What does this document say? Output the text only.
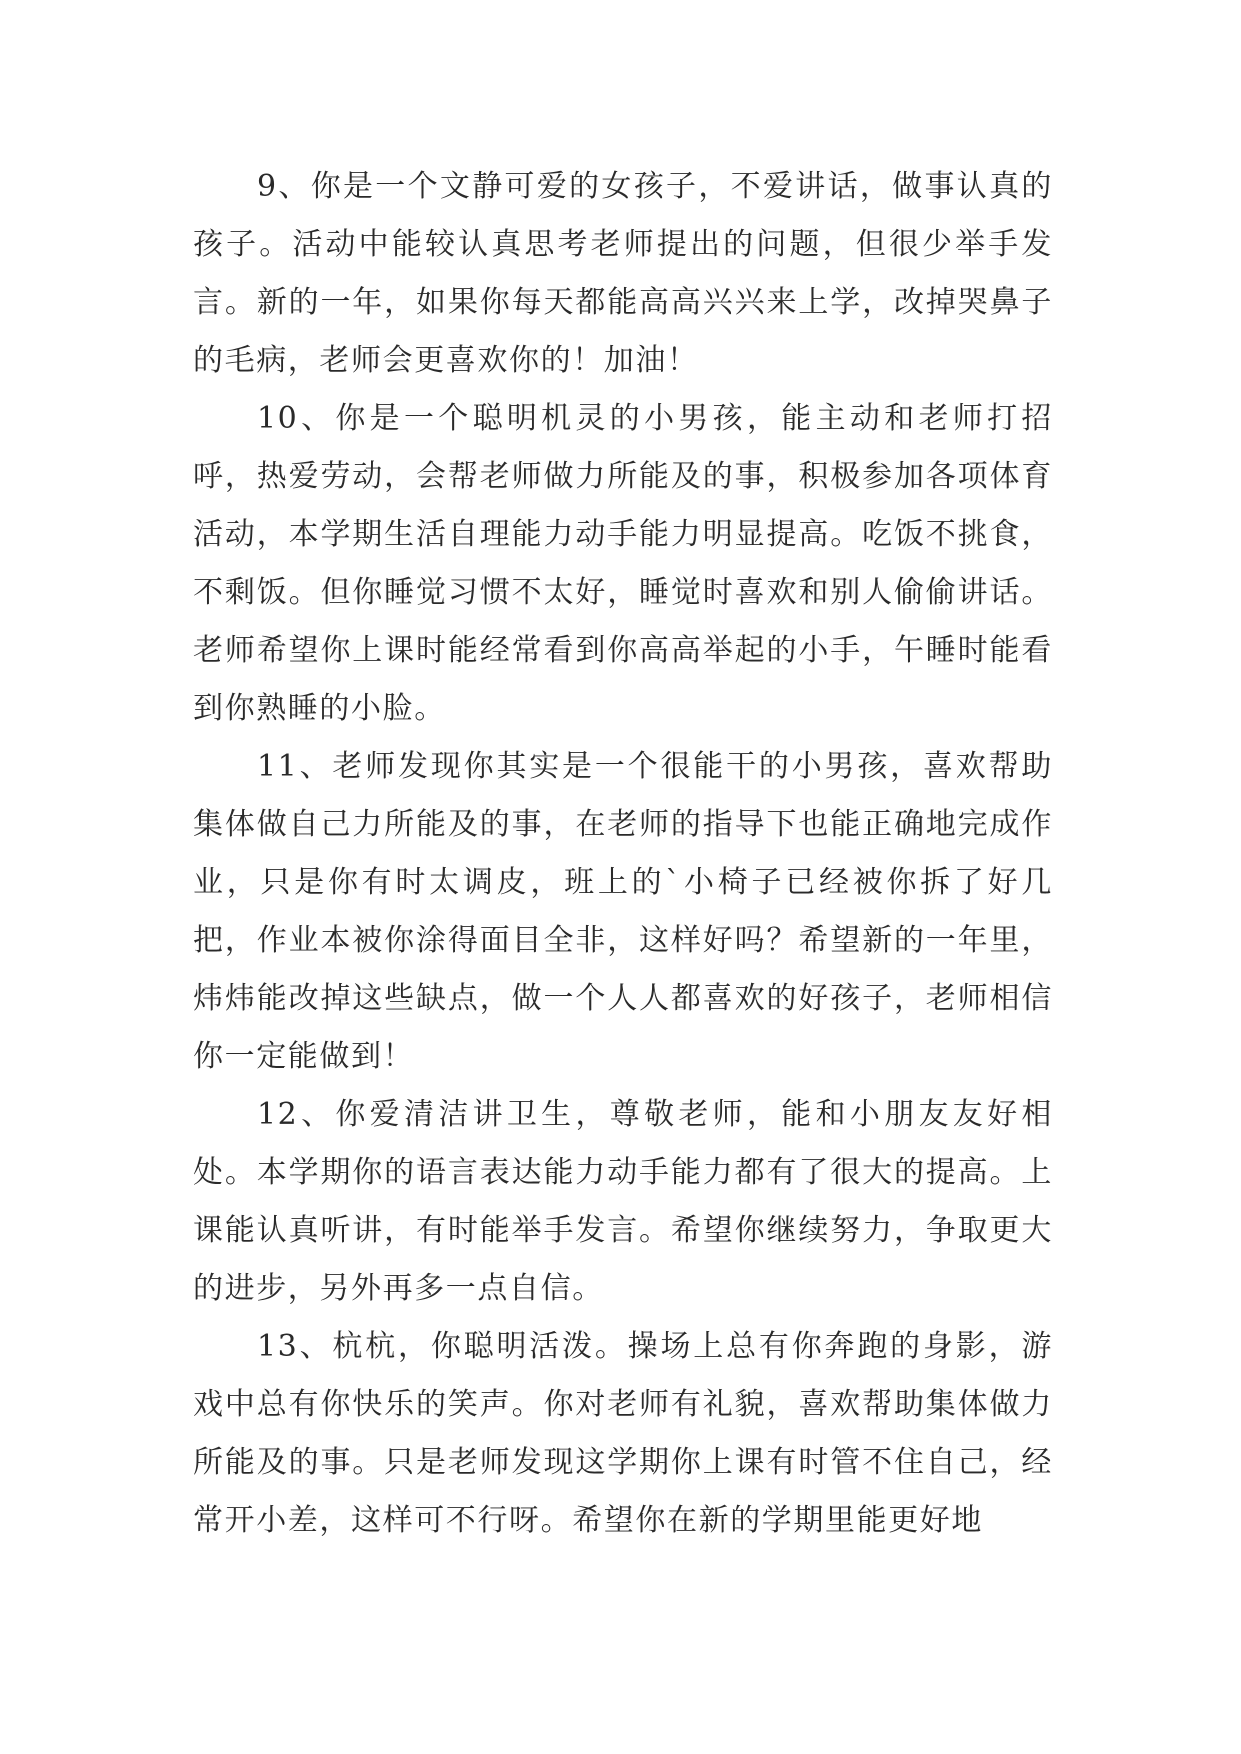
9、你是一个文静可爱的女孩子，不爱讲话，做事认真的孩子。活动中能较认真思考老师提出的问题，但很少举手发言。新的一年，如果你每天都能高高兴兴来上学，改掉哭鼻子的毛病，老师会更喜欢你的！加油！

10、你是一个聪明机灵的小男孩，能主动和老师打招呼，热爱劳动，会帮老师做力所能及的事，积极参加各项体育活动，本学期生活自理能力动手能力明显提高。吃饭不挑食，不剩饭。但你睡觉习惯不太好，睡觉时喜欢和别人偷偷讲话。老师希望你上课时能经常看到你高高举起的小手，午睡时能看到你熟睡的小脸。

11、老师发现你其实是一个很能干的小男孩，喜欢帮助集体做自己力所能及的事，在老师的指导下也能正确地完成作业，只是你有时太调皮，班上的`小椅子已经被你拆了好几把，作业本被你涂得面目全非，这样好吗？希望新的一年里，炜炜能改掉这些缺点，做一个人人都喜欢的好孩子，老师相信你一定能做到！

12、你爱清洁讲卫生，尊敬老师，能和小朋友友好相处。本学期你的语言表达能力动手能力都有了很大的提高。上课能认真听讲，有时能举手发言。希望你继续努力，争取更大的进步，另外再多一点自信。

13、杭杭，你聪明活泼。操场上总有你奔跑的身影，游戏中总有你快乐的笑声。你对老师有礼貌，喜欢帮助集体做力所能及的事。只是老师发现这学期你上课有时管不住自己，经常开小差，这样可不行呀。希望你在新的学期里能更好地
